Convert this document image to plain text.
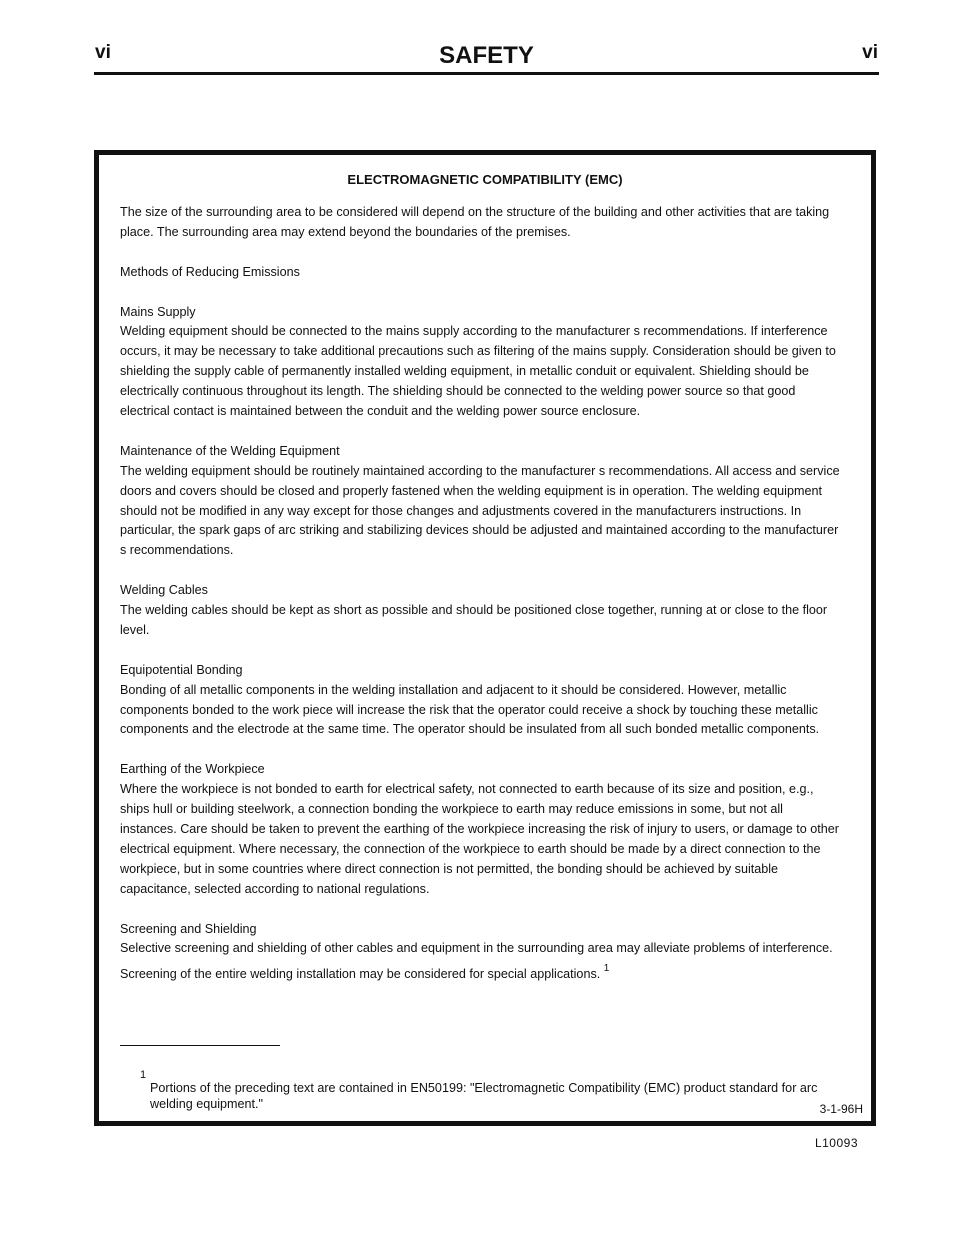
vi	SAFETY	vi
ELECTROMAGNETIC COMPATIBILITY (EMC)

The size of the surrounding area to be considered will depend on the structure of the building and other activities that are taking place. The surrounding area may extend beyond the boundaries of the premises.

Methods of Reducing Emissions

Mains Supply
Welding equipment should be connected to the mains supply according to the manufacturer s recommendations. If interference occurs, it may be necessary to take additional precautions such as filtering of the mains supply. Consideration should be given to shielding the supply cable of permanently installed welding equipment, in metallic conduit or equivalent. Shielding should be electrically continuous throughout its length. The shielding should be connected to the welding power source so that good electrical contact is maintained between the conduit and the welding power source enclosure.

Maintenance of the Welding Equipment
The welding equipment should be routinely maintained according to the manufacturer s recommendations. All access and service doors and covers should be closed and properly fastened when the welding equipment is in operation. The welding equipment should not be modified in any way except for those changes and adjustments covered in the manufacturers instructions. In particular, the spark gaps of arc striking and stabilizing devices should be adjusted and maintained according to the manufacturer s recommendations.

Welding Cables
The welding cables should be kept as short as possible and should be positioned close together, running at or close to the floor level.

Equipotential Bonding
Bonding of all metallic components in the welding installation and adjacent to it should be considered. However, metallic components bonded to the work piece will increase the risk that the operator could receive a shock by touching these metallic components and the electrode at the same time. The operator should be insulated from all such bonded metallic components.

Earthing of the Workpiece
Where the workpiece is not bonded to earth for electrical safety, not connected to earth because of its size and position, e.g., ships hull or building steelwork, a connection bonding the workpiece to earth may reduce emissions in some, but not all instances. Care should be taken to prevent the earthing of the workpiece increasing the risk of injury to users, or damage to other electrical equipment. Where necessary, the connection of the workpiece to earth should be made by a direct connection to the workpiece, but in some countries where direct connection is not permitted, the bonding should be achieved by suitable capacitance, selected according to national regulations.

Screening and Shielding
Selective screening and shielding of other cables and equipment in the surrounding area may alleviate problems of interference. Screening of the entire welding installation may be considered for special applications. $^1$

1
Portions of the preceding text are contained in EN50199: "Electromagnetic Compatibility (EMC) product standard for arc welding equipment."	3-1-96H
L10093
